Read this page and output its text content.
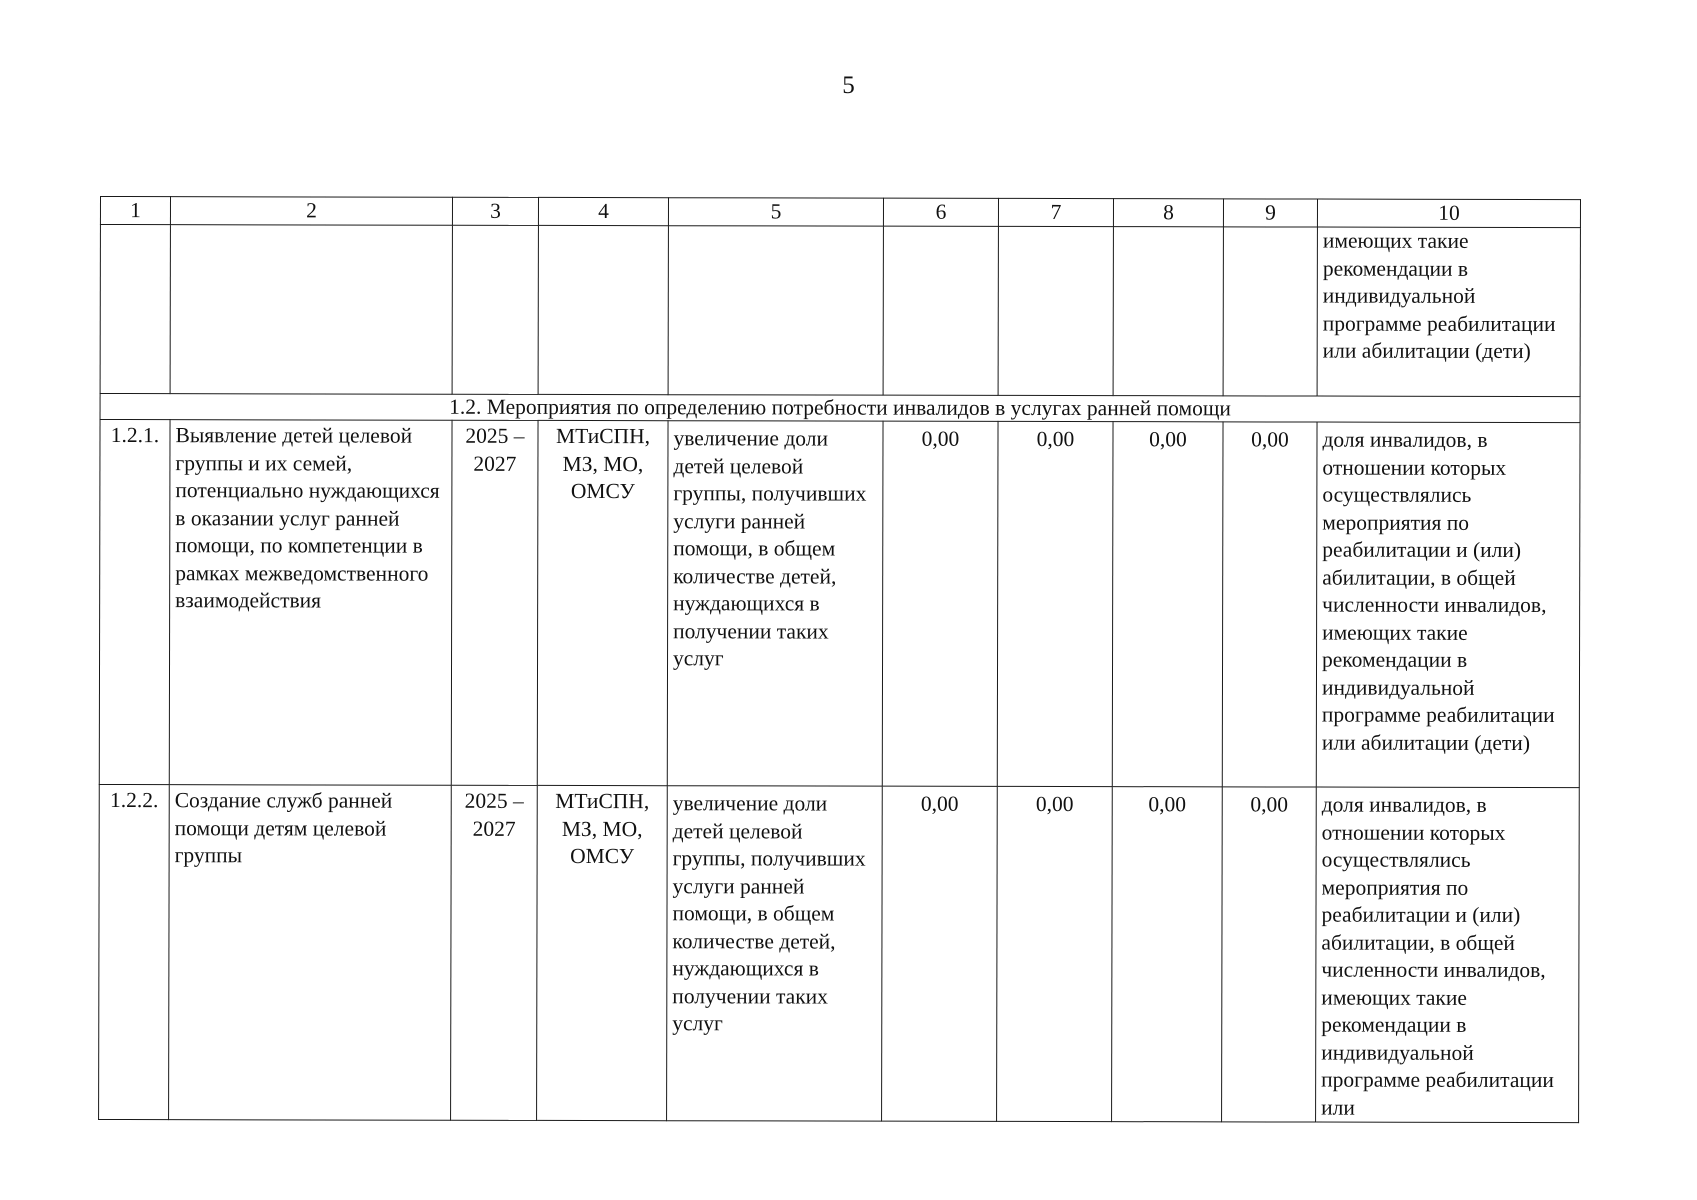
5
1	2	3	4	5	6	7	8	9	10
									имеющих такие рекомендации в индивидуальной программе реабилитации или абилитации (дети)
1.2. Мероприятия по определению потребности инвалидов в услугах ранней помощи									
1.2.1.	Выявление детей целевой группы и их семей, потенциально нуждающихся в оказании услуг ранней помощи, по компетенции в рамках межведомственного взаимодействия	2025 – 2027	МТиСПН, МЗ, МО, ОМСУ	увеличение доли детей целевой группы, получивших услуги ранней помощи, в общем количестве детей, нуждающихся в получении таких услуг	0,00	0,00	0,00	0,00	доля инвалидов, в отношении которых осуществлялись мероприятия по реабилитации и (или) абилитации, в общей численности инвалидов, имеющих такие рекомендации в индивидуальной программе реабилитации или абилитации (дети)
1.2.2.	Создание служб ранней помощи детям целевой группы	2025 – 2027	МТиСПН, МЗ, МО, ОМСУ	увеличение доли детей целевой группы, получивших услуги ранней помощи, в общем количестве детей, нуждающихся в получении таких услуг	0,00	0,00	0,00	0,00	доля инвалидов, в отношении которых осуществлялись мероприятия по реабилитации и (или) абилитации, в общей численности инвалидов, имеющих такие рекомендации в индивидуальной программе реабилитации или
